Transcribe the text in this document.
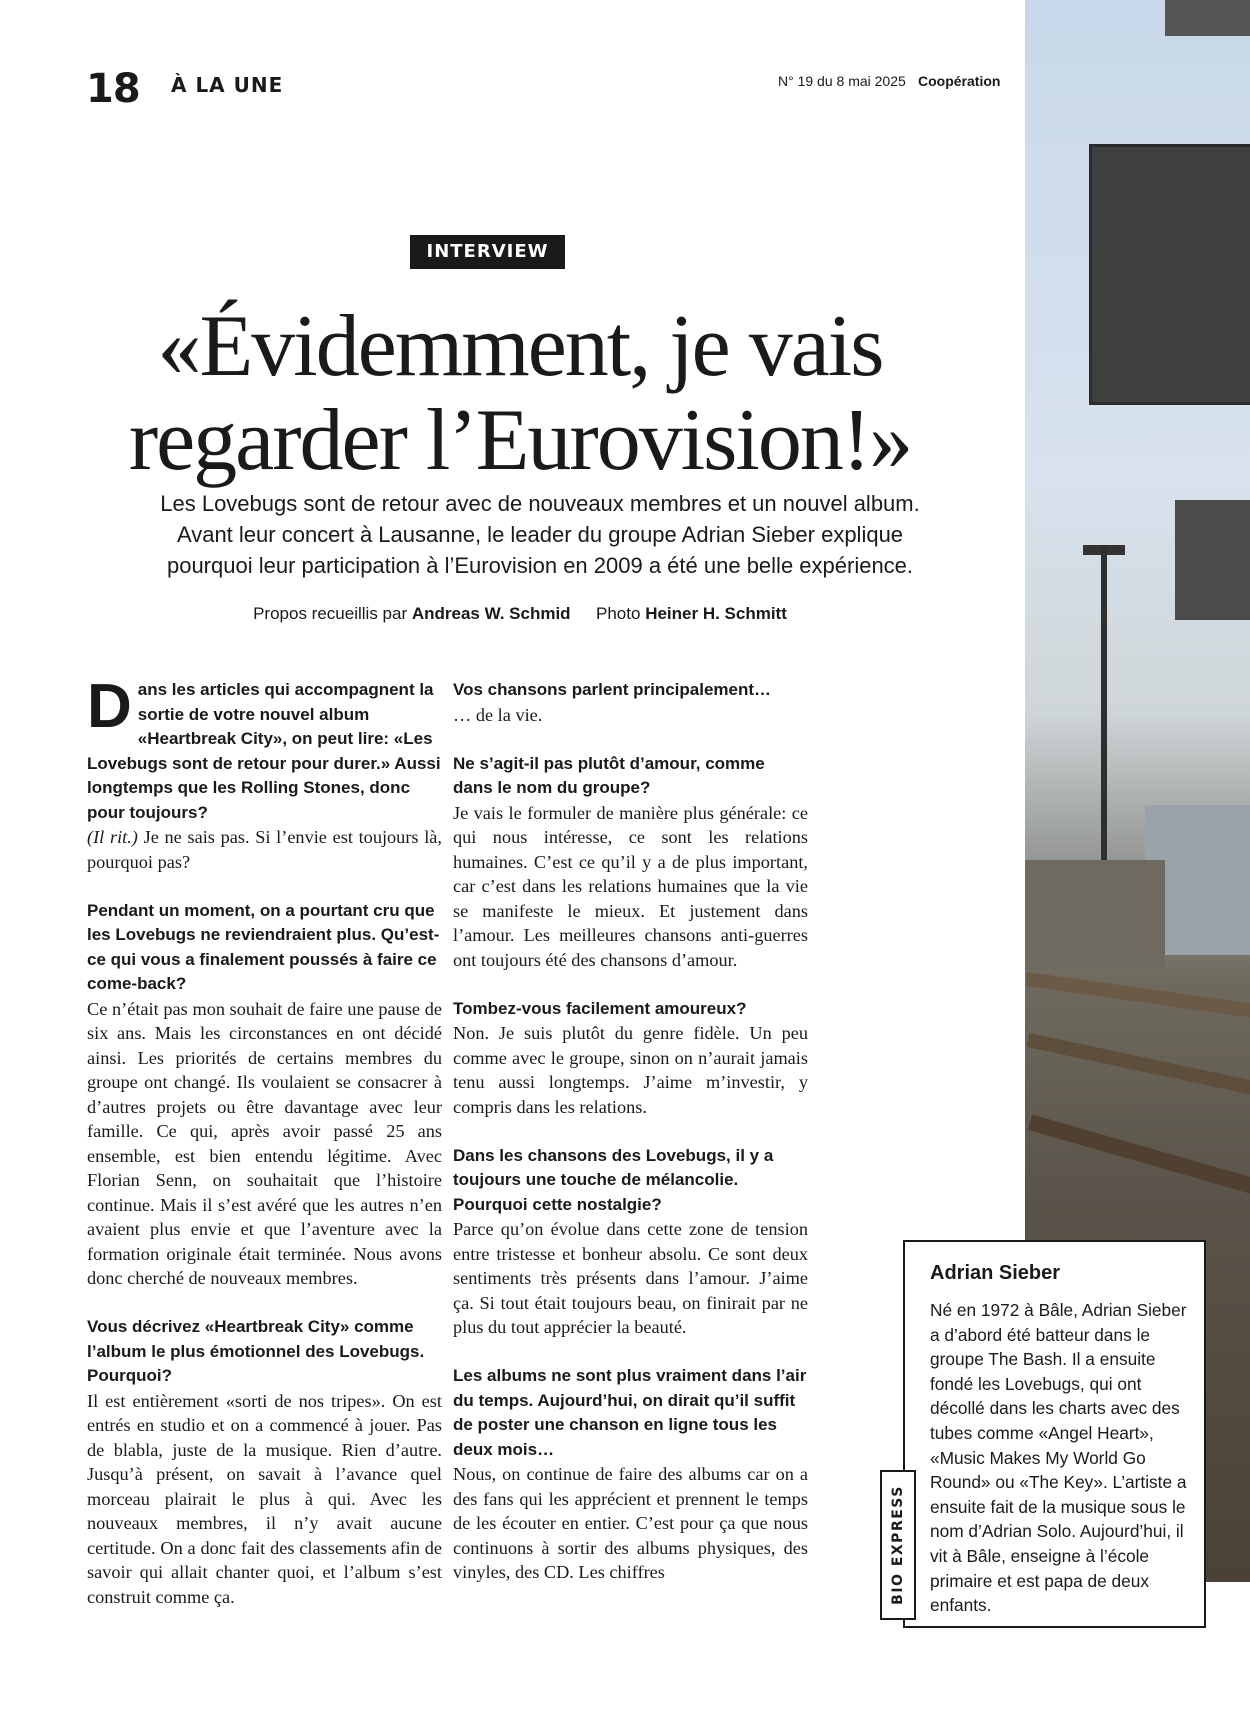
18 À LA UNE	N° 19 du 8 mai 2025 Coopération
INTERVIEW
«Évidemment, je vais
regarder l’Eurovision!»
Les Lovebugs sont de retour avec de nouveaux membres et un nouvel album.
Avant leur concert à Lausanne, le leader du groupe Adrian Sieber explique
pourquoi leur participation à l’Eurovision en 2009 a été une belle expérience.
Propos recueillis par Andreas W. Schmid Photo Heiner H. Schmitt

Dans les articles qui accompagnent la sortie de votre nouvel album «Heartbreak City», on peut lire: «Les Lovebugs sont de retour pour durer.» Aussi longtemps que les Rolling Stones, donc pour toujours?

(Il rit.) Je ne sais pas. Si l’envie est toujours là, pourquoi pas?

Pendant un moment, on a pourtant cru que les Lovebugs ne reviendraient plus. Qu’est-ce qui vous a finalement poussés à faire ce come-back?

Ce n’était pas mon souhait de faire une pause de six ans. Mais les circonstances en ont décidé ainsi. Les priorités de certains membres du groupe ont changé. Ils voulaient se consacrer à d’autres projets ou être davantage avec leur famille. Ce qui, après avoir passé 25 ans ensemble, est bien entendu légitime. Avec Florian Senn, on souhaitait que l’histoire continue. Mais il s’est avéré que les autres n’en avaient plus envie et que l’aventure avec la formation originale était terminée. Nous avons donc cherché de nouveaux membres.

Vous décrivez «Heartbreak City» comme l’album le plus émotionnel des Lovebugs. Pourquoi?

Il est entièrement «sorti de nos tripes». On est entrés en studio et on a commencé à jouer. Pas de blabla, juste de la musique. Rien d’autre. Jusqu’à présent, on savait à l’avance quel morceau plairait le plus à qui. Avec les nouveaux membres, il n’y avait aucune certitude. On a donc fait des classements afin de savoir qui allait chanter quoi, et l’album s’est construit comme ça.

Vos chansons parlent principalement…

… de la vie.

Ne s’agit-il pas plutôt d’amour, comme dans le nom du groupe?

Je vais le formuler de manière plus générale: ce qui nous intéresse, ce sont les relations humaines. C’est ce qu’il y a de plus important, car c’est dans les relations humaines que la vie se manifeste le mieux. Et justement dans l’amour. Les meilleures chansons anti-guerres ont toujours été des chansons d’amour.

Tombez-vous facilement amoureux?

Non. Je suis plutôt du genre fidèle. Un peu comme avec le groupe, sinon on n’aurait jamais tenu aussi longtemps. J’aime m’investir, y compris dans les relations.

Dans les chansons des Lovebugs, il y a toujours une touche de mélancolie. Pourquoi cette nostalgie?

Parce qu’on évolue dans cette zone de tension entre tristesse et bonheur absolu. Ce sont deux sentiments très présents dans l’amour. J’aime ça. Si tout était toujours beau, on finirait par ne plus du tout apprécier la beauté.

Les albums ne sont plus vraiment dans l’air du temps. Aujourd’hui, on dirait qu’il suffit de poster une chanson en ligne tous les deux mois…

Nous, on continue de faire des albums car on a des fans qui les apprécient et prennent le temps de les écouter en entier. C’est pour ça que nous continuons à sortir des albums physiques, des vinyles, des CD. Les chiffres

Adrian Sieber

Né en 1972 à Bâle, Adrian Sieber a d’abord été batteur dans le groupe The Bash. Il a ensuite fondé les Lovebugs, qui ont décollé dans les charts avec des tubes comme «Angel Heart», «Music Makes My World Go Round» ou «The Key». L’artiste a ensuite fait de la musique sous le nom d’Adrian Solo. Aujourd’hui, il vit à Bâle, enseigne à l’école primaire et est papa de deux enfants.

BIO EXPRESS
